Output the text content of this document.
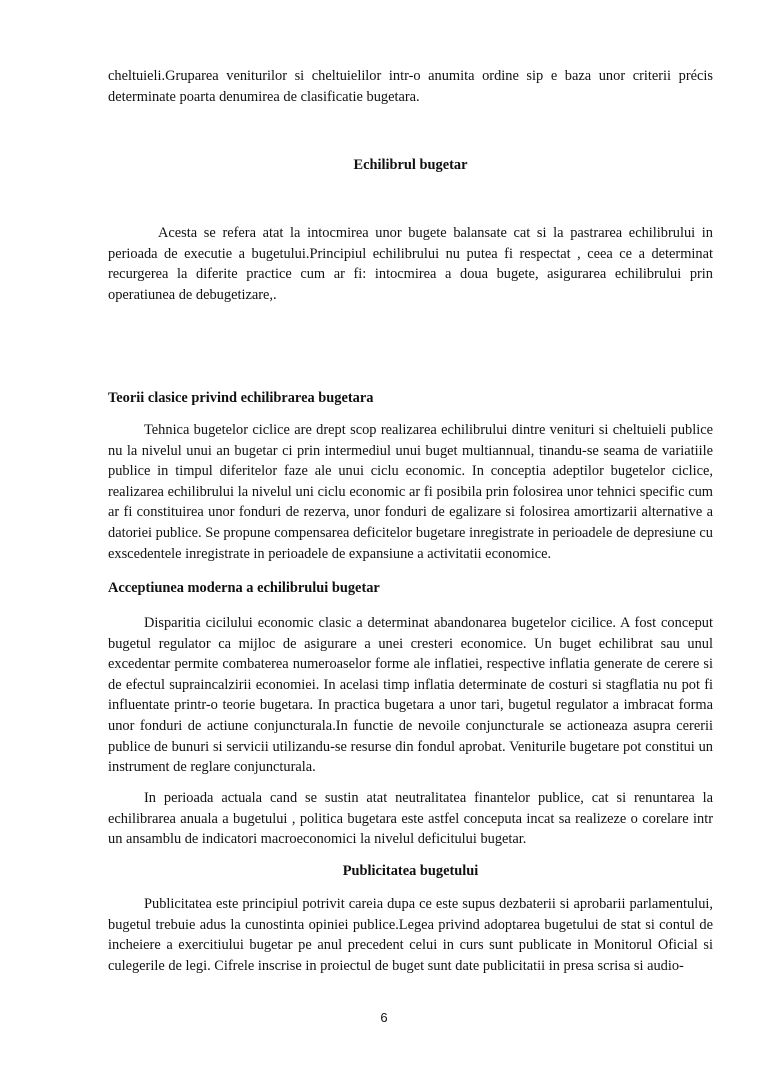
cheltuieli.Gruparea veniturilor si cheltuielilor intr-o anumita ordine sip e baza unor criterii précis determinate poarta denumirea de clasificatie bugetara.

Echilibrul bugetar

Acesta se refera atat la intocmirea unor bugete balansate cat si la pastrarea echilibrului in perioada de executie a bugetului.Principiul echilibrului nu putea fi respectat , ceea ce a determinat recurgerea la diferite practice cum ar fi: intocmirea a doua bugete, asigurarea echilibrului prin operatiunea de debugetizare,.

Teorii clasice privind echilibrarea bugetara

Tehnica bugetelor ciclice are drept scop realizarea echilibrului dintre venituri si cheltuieli publice nu la nivelul unui an bugetar ci prin intermediul unui buget multiannual, tinandu-se seama de variatiile publice in timpul diferitelor faze ale unui ciclu economic. In conceptia adeptilor bugetelor ciclice, realizarea echilibrului la nivelul uni ciclu economic ar fi posibila prin folosirea unor tehnici specific cum ar fi constituirea unor fonduri de rezerva, unor fonduri de egalizare si folosirea amortizarii alternative a datoriei publice. Se propune compensarea deficitelor bugetare inregistrate in perioadele de depresiune cu exscedentele inregistrate in perioadele de expansiune a activitatii economice.

Acceptiunea moderna a echilibrului bugetar

Disparitia cicilului economic clasic a determinat abandonarea bugetelor cicilice. A fost conceput bugetul regulator ca mijloc de asigurare a unei cresteri economice. Un buget echilibrat sau unul excedentar permite combaterea numeroaselor forme ale inflatiei, respective inflatia generate de cerere si de efectul supraincalzirii economiei. In acelasi timp inflatia determinate de costuri si stagflatia nu pot fi influentate printr-o teorie bugetara. In practica bugetara a unor tari, bugetul regulator a imbracat forma unor fonduri de actiune conjuncturala.In functie de nevoile conjuncturale se actioneaza asupra cererii publice de bunuri si servicii utilizandu-se resurse din fondul aprobat. Veniturile bugetare pot constitui un instrument de reglare conjuncturala.

In perioada actuala cand se sustin atat neutralitatea finantelor publice, cat si renuntarea la echilibrarea anuala a bugetului , politica bugetara este astfel conceputa incat sa realizeze o corelare intr un ansamblu de indicatori macroeconomici la nivelul deficitului bugetar.

Publicitatea bugetului

Publicitatea este principiul potrivit careia dupa ce este supus dezbaterii si aprobarii parlamentului, bugetul trebuie adus la cunostinta opiniei publice.Legea privind adoptarea bugetului de stat si contul de incheiere a exercitiului bugetar pe anul precedent celui in curs sunt publicate in Monitorul Oficial si culegerile de legi. Cifrele inscrise in proiectul de buget sunt date publicitatii in presa scrisa si audio-

6
